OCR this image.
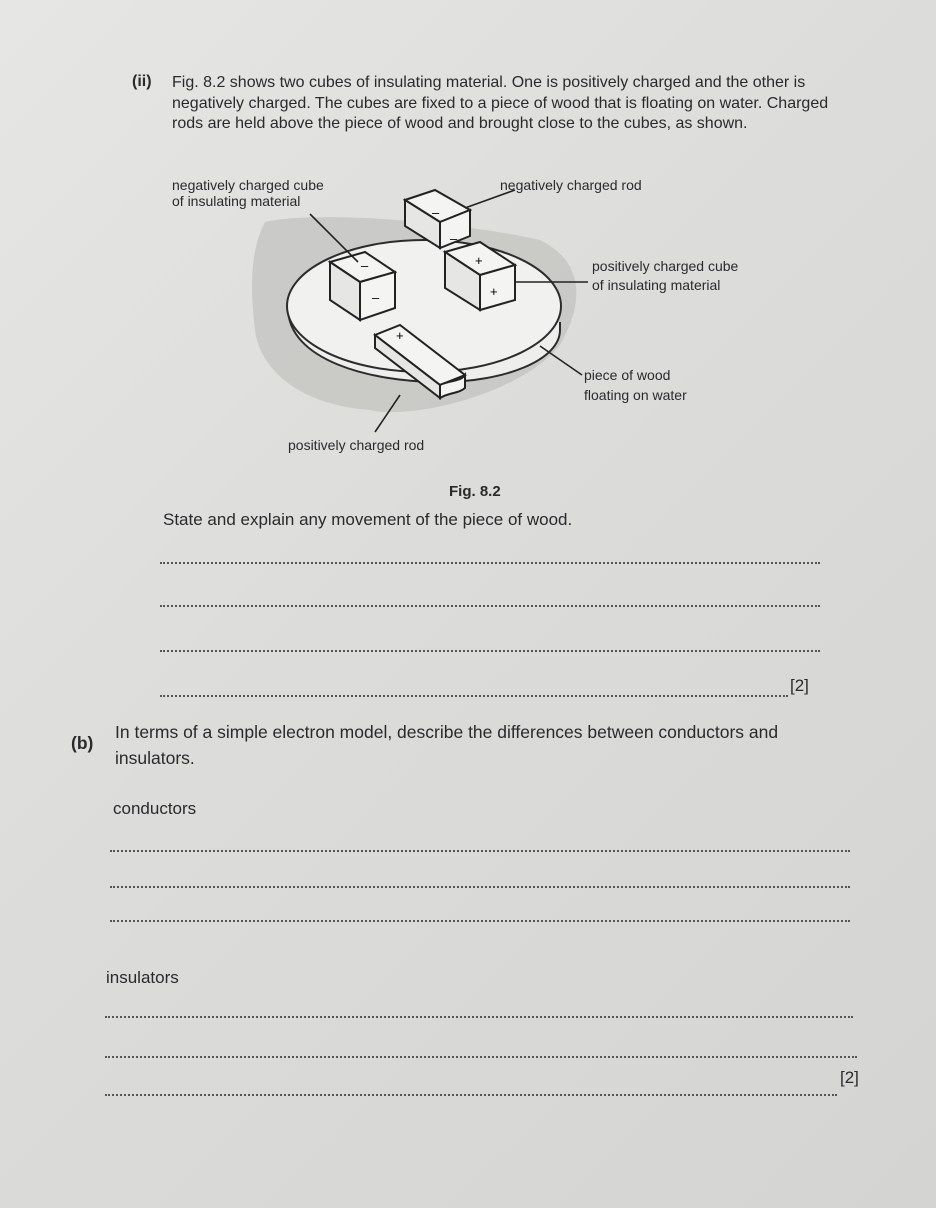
(ii) Fig. 8.2 shows two cubes of insulating material. One is positively charged and the other is negatively charged. The cubes are fixed to a piece of wood that is floating on water. Charged rods are held above the piece of wood and brought close to the cubes, as shown.
–
–
+
+
–
–
+
negatively charged cube
of insulating material
negatively charged rod
positively charged cube
of insulating material
piece of wood
floating on water
positively charged rod
Fig. 8.2
State and explain any movement of the piece of wood.
[2]
(b)
In terms of a simple electron model, describe the differences between conductors and insulators.
conductors
insulators
[2]
